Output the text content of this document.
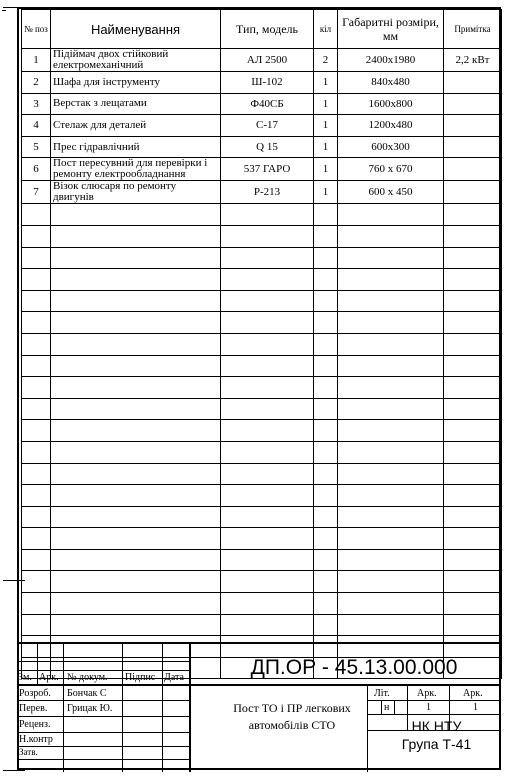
№ поз	Найменування	Тип, модель	кіл	Габаритні розміри, мм	Примітка
1	Підіймач двох стійковий електромеханічний	АЛ 2500	2	2400х1980	2,2 кВт
2	Шафа для інструменту	Ш-102	1	840х480	
3	Верстак з лещатами	Ф40СБ	1	1600х800	
4	Стелаж для деталей	С-17	1	1200х480	
5	Прес гідравлічний	Q 15	1	600х300	
6	Пост пересувний для перевірки і ремонту електрообладнання	537 ГАРО	1	760 х 670	
7	Візок слюсаря по ремонту двигунів	Р-213	1	600 х 450	

Зм. Арк. № докум. Підпис Дата
Розроб. Бончак С
Перев. Грицак Ю.
Реценз.
Н.контр
Затв.
ДП.ОР - 45.13.00.000
Пост ТО і ПР легкових
автомобілів СТО
Літ.	Арк.	Арк.
н	1	1
НК НТУ
Група Т-41
